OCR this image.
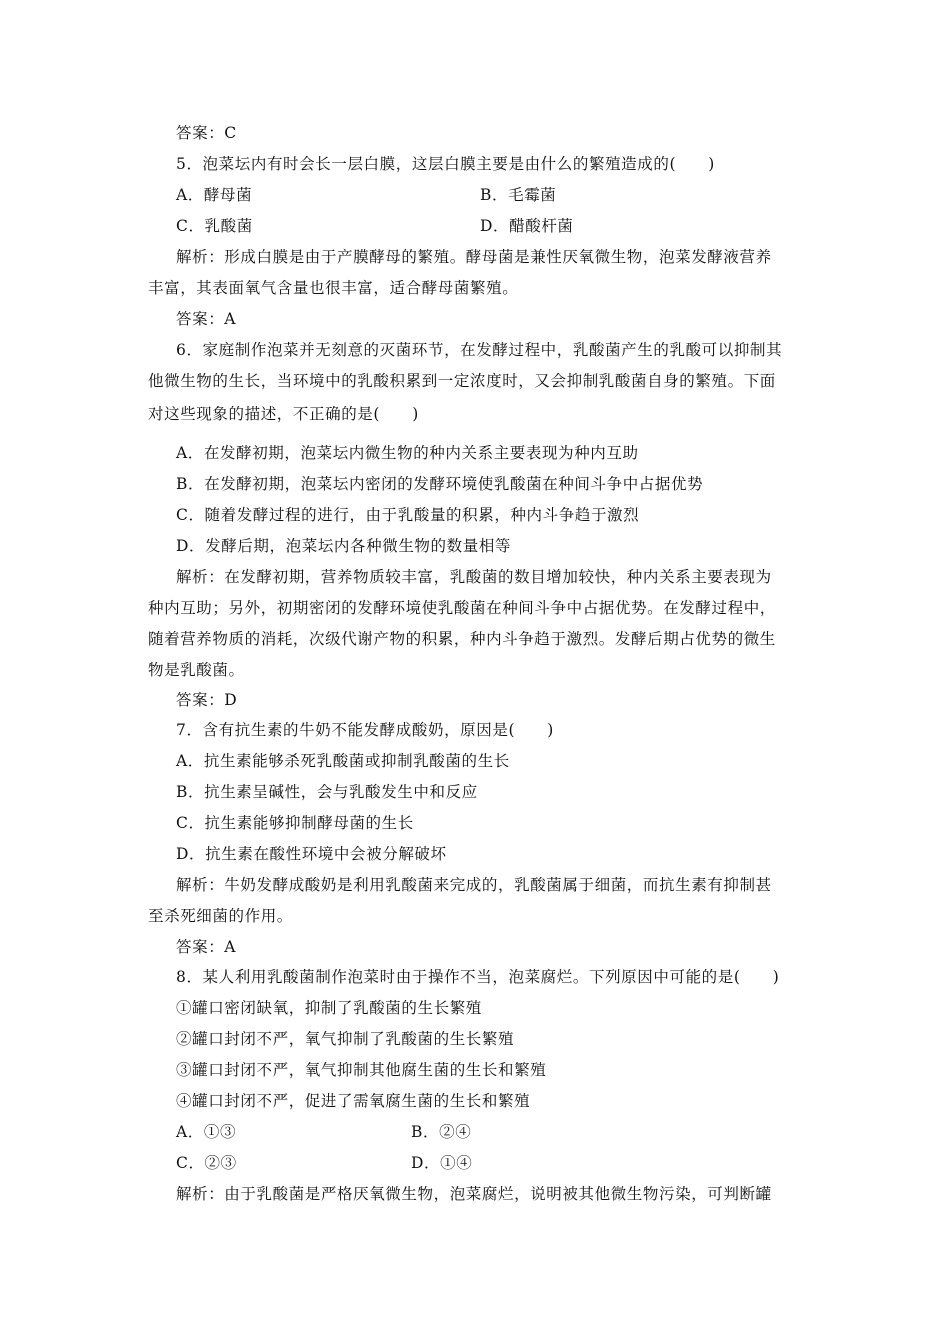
答案：C
5．泡菜坛内有时会长一层白膜，这层白膜主要是由什么的繁殖造成的(　　)
A．酵母菌	B．毛霉菌
C．乳酸菌	D．醋酸杆菌
解析：形成白膜是由于产膜酵母的繁殖。酵母菌是兼性厌氧微生物，泡菜发酵液营养
丰富，其表面氧气含量也很丰富，适合酵母菌繁殖。
答案：A
6．家庭制作泡菜并无刻意的灭菌环节，在发酵过程中，乳酸菌产生的乳酸可以抑制其
他微生物的生长，当环境中的乳酸积累到一定浓度时，又会抑制乳酸菌自身的繁殖。下面
对这些现象的描述，不正确的是(　　)
A．在发酵初期，泡菜坛内微生物的种内关系主要表现为种内互助
B．在发酵初期，泡菜坛内密闭的发酵环境使乳酸菌在种间斗争中占据优势
C．随着发酵过程的进行，由于乳酸量的积累，种内斗争趋于激烈
D．发酵后期，泡菜坛内各种微生物的数量相等
解析：在发酵初期，营养物质较丰富，乳酸菌的数目增加较快，种内关系主要表现为
种内互助；另外，初期密闭的发酵环境使乳酸菌在种间斗争中占据优势。在发酵过程中，
随着营养物质的消耗，次级代谢产物的积累，种内斗争趋于激烈。发酵后期占优势的微生
物是乳酸菌。
答案：D
7．含有抗生素的牛奶不能发酵成酸奶，原因是(　　)
A．抗生素能够杀死乳酸菌或抑制乳酸菌的生长
B．抗生素呈碱性，会与乳酸发生中和反应
C．抗生素能够抑制酵母菌的生长
D．抗生素在酸性环境中会被分解破坏
解析：牛奶发酵成酸奶是利用乳酸菌来完成的，乳酸菌属于细菌，而抗生素有抑制甚
至杀死细菌的作用。
答案：A
8．某人利用乳酸菌制作泡菜时由于操作不当，泡菜腐烂。下列原因中可能的是(　　)
①罐口密闭缺氧，抑制了乳酸菌的生长繁殖
②罐口封闭不严，氧气抑制了乳酸菌的生长繁殖
③罐口封闭不严，氧气抑制其他腐生菌的生长和繁殖
④罐口封闭不严，促进了需氧腐生菌的生长和繁殖
A．①③	B．②④
C．②③	D．①④
解析：由于乳酸菌是严格厌氧微生物，泡菜腐烂，说明被其他微生物污染，可判断罐
